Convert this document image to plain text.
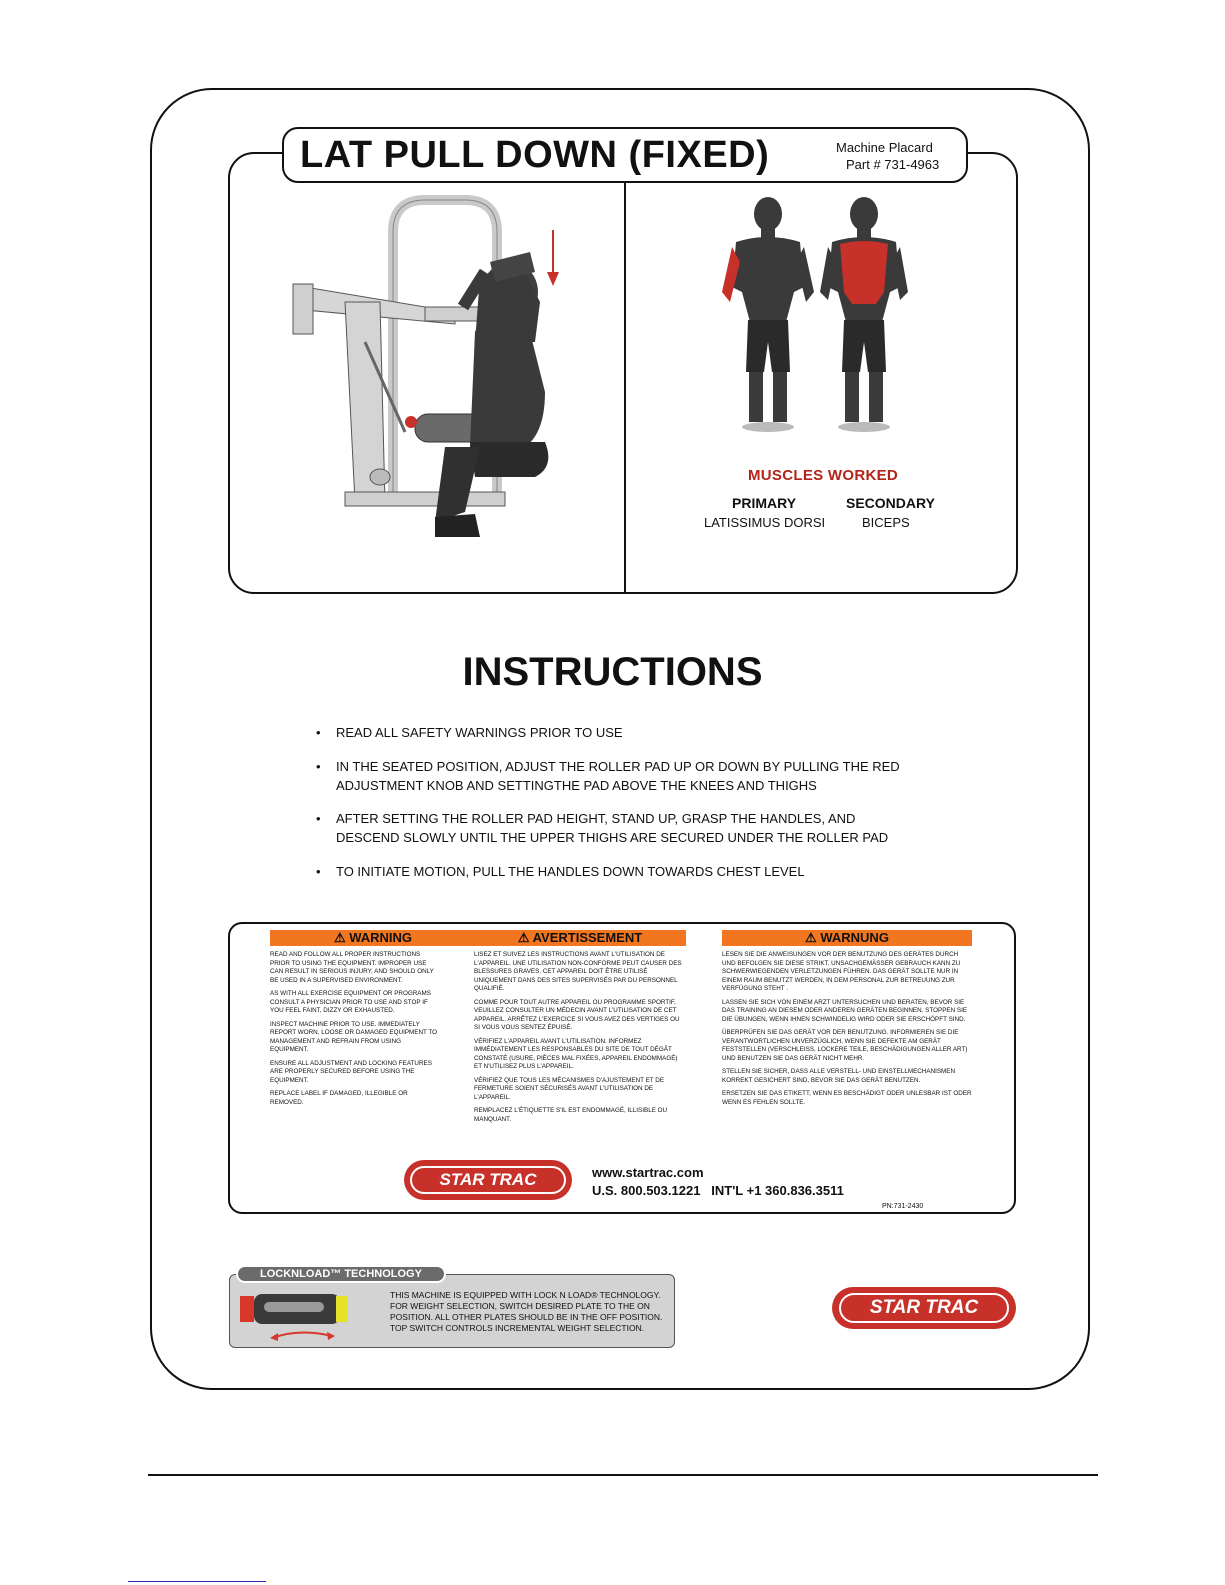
MUSCLES WORKED
PRIMARY
LATISSIMUS DORSI
SECONDARY
BICEPS
LAT PULL DOWN (FIXED)	Machine Placard
Part # 731-4963
INSTRUCTIONS
• READ ALL SAFETY WARNINGS PRIOR TO USE
• IN THE SEATED POSITION, ADJUST THE ROLLER PAD UP OR DOWN BY PULLING THE RED ADJUSTMENT KNOB AND SETTINGTHE PAD ABOVE THE KNEES AND THIGHS
• AFTER SETTING THE ROLLER PAD HEIGHT, STAND UP, GRASP THE HANDLES, AND DESCEND SLOWLY UNTIL THE UPPER THIGHS ARE SECURED UNDER THE ROLLER PAD
• TO INITIATE MOTION, PULL THE HANDLES DOWN TOWARDS CHEST LEVEL
⚠ WARNING

READ AND FOLLOW ALL PROPER INSTRUCTIONS PRIOR TO USING THE EQUIPMENT. IMPROPER USE CAN RESULT IN SERIOUS INJURY, AND SHOULD ONLY BE USED IN A SUPERVISED ENVIRONMENT.

AS WITH ALL EXERCISE EQUIPMENT OR PROGRAMS CONSULT A PHYSICIAN PRIOR TO USE AND STOP IF YOU FEEL FAINT, DIZZY OR EXHAUSTED.

INSPECT MACHINE PRIOR TO USE. IMMEDIATELY REPORT WORN, LOOSE OR DAMAGED EQUIPMENT TO MANAGEMENT AND REFRAIN FROM USING EQUIPMENT.

ENSURE ALL ADJUSTMENT AND LOCKING FEATURES ARE PROPERLY SECURED BEFORE USING THE EQUIPMENT.

REPLACE LABEL IF DAMAGED, ILLEGIBLE OR REMOVED.

⚠ AVERTISSEMENT

LISEZ ET SUIVEZ LES INSTRUCTIONS AVANT L'UTILISATION DE L'APPAREIL. UNE UTILISATION NON-CONFORME PEUT CAUSER DES BLESSURES GRAVES. CET APPAREIL DOIT ÊTRE UTILISÉ UNIQUEMENT DANS DES SITES SUPERVISÉS PAR DU PERSONNEL QUALIFIÉ.

COMME POUR TOUT AUTRE APPAREIL OU PROGRAMME SPORTIF, VEUILLEZ CONSULTER UN MÉDECIN AVANT L'UTILISATION DE CET APPAREIL. ARRÊTEZ L'EXERCICE SI VOUS AVEZ DES VERTIGES OU SI VOUS VOUS SENTEZ ÉPUISÉ.

VÉRIFIEZ L'APPAREIL AVANT L'UTILISATION. INFORMEZ IMMÉDIATEMENT LES RESPONSABLES DU SITE DE TOUT DÉGÂT CONSTATÉ (USURE, PIÈCES MAL FIXÉES, APPAREIL ENDOMMAGÉ) ET N'UTILISEZ PLUS L'APPAREIL.

VÉRIFIEZ QUE TOUS LES MÉCANISMES D'AJUSTEMENT ET DE FERMETURE SOIENT SÉCURISÉS AVANT L'UTILISATION DE L'APPAREIL.

REMPLACEZ L'ÉTIQUETTE S'IL EST ENDOMMAGÉ, ILLISIBLE OU MANQUANT.

⚠ WARNUNG

LESEN SIE DIE ANWEISUNGEN VOR DER BENUTZUNG DES GERÄTES DURCH UND BEFOLGEN SIE DIESE STRIKT. UNSACHGEMÄSSER GEBRAUCH KANN ZU SCHWERWIEGENDEN VERLETZUNGEN FÜHREN. DAS GERÄT SOLLTE NUR IN EINEM RAUM BENUTZT WERDEN, IN DEM PERSONAL ZUR BETREUUNG ZUR VERFÜGUNG STEHT .

LASSEN SIE SICH VON EINEM ARZT UNTERSUCHEN UND BERATEN, BEVOR SIE DAS TRAINING AN DIESEM ODER ANDEREN GERÄTEN BEGINNEN. STOPPEN SIE DIE ÜBUNGEN, WENN IHNEN SCHWINDELIG WIRD ODER SIE ERSCHÖPFT SIND.

ÜBERPRÜFEN SIE DAS GERÄT VOR DER BENUTZUNG. INFORMIEREN SIE DIE VERANTWORTLICHEN UNVERZÜGLICH, WENN SIE DEFEKTE AM GERÄT FESTSTELLEN (VERSCHLEISS, LOCKERE TEILE, BESCHÄDIGUNGEN ALLER ART) UND BENUTZEN SIE DAS GERÄT NICHT MEHR.

STELLEN SIE SICHER, DASS ALLE VERSTELL- UND EINSTELLMECHANISMEN KORREKT GESICHERT SIND, BEVOR SIE DAS GERÄT BENUTZEN.

ERSETZEN SIE DAS ETIKETT, WENN ES BESCHÄDIGT ODER UNLESBAR IST ODER WENN ES FEHLEN SOLLTE.

STAR TRAC	www.startrac.com
U.S. 800.503.1221   INT'L +1 360.836.3511
PN:731-2430
LOCKNLOAD™ TECHNOLOGY
THIS MACHINE IS EQUIPPED WITH LOCK N LOAD® TECHNOLOGY. FOR WEIGHT SELECTION, SWITCH DESIRED PLATE TO THE ON POSITION. ALL OTHER PLATES SHOULD BE IN THE OFF POSITION. TOP SWITCH CONTROLS INCREMENTAL WEIGHT SELECTION.
STAR TRAC
